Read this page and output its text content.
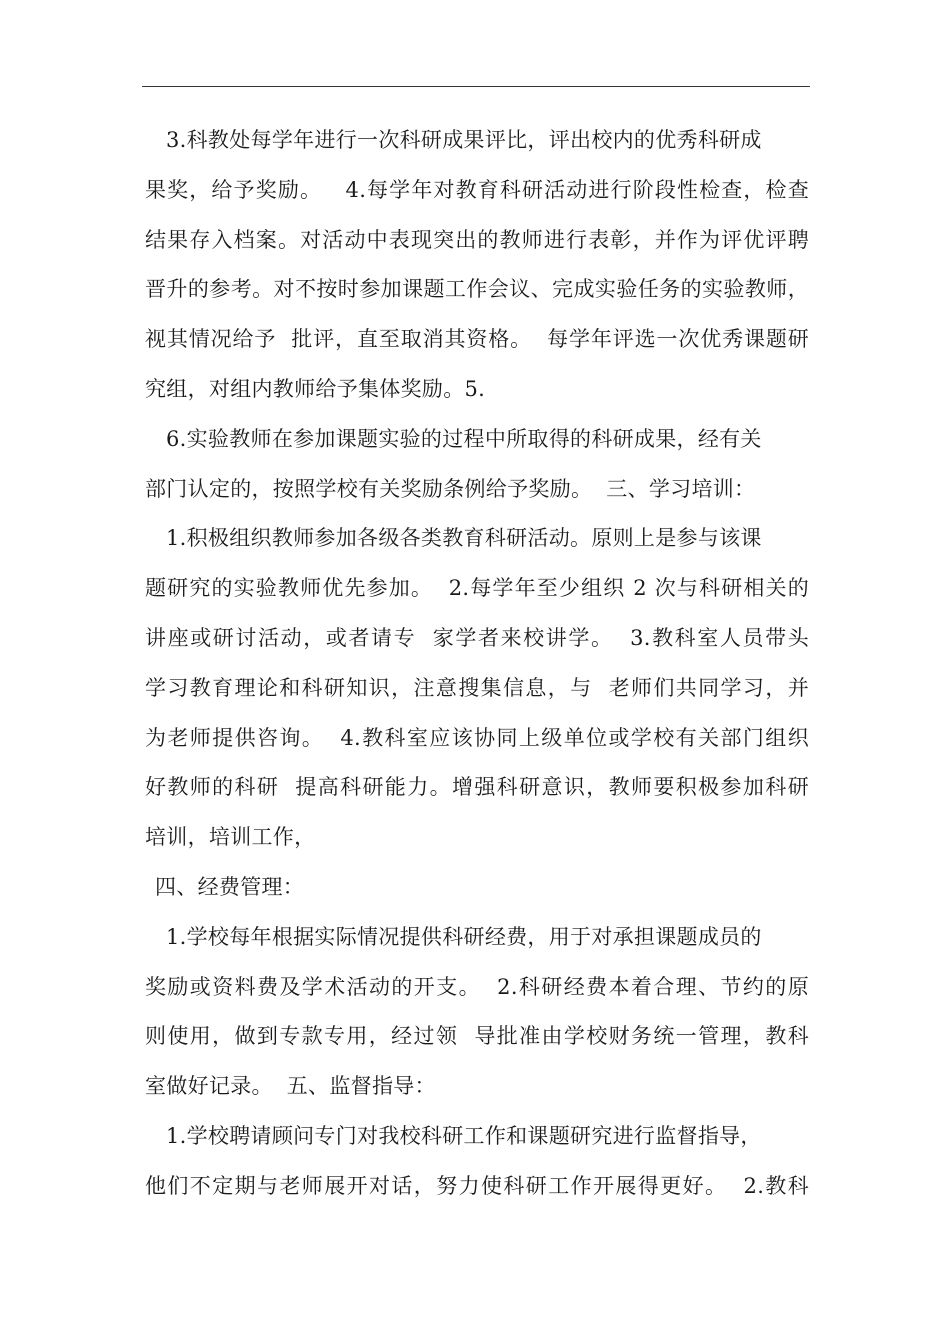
3.科教处每学年进行一次科研成果评比，评出校内的优秀科研成
果奖，给予奖励。   4.每学年对教育科研活动进行阶段性检查，检查
结果存入档案。对活动中表现突出的教师进行表彰，并作为评优评聘
晋升的参考。对不按时参加课题工作会议、完成实验任务的实验教师，
视其情况给予  批评，直至取消其资格。  每学年评选一次优秀课题研
究组，对组内教师给予集体奖励。5.
6.实验教师在参加课题实验的过程中所取得的科研成果，经有关
部门认定的，按照学校有关奖励条例给予奖励。  三、学习培训：
1.积极组织教师参加各级各类教育科研活动。原则上是参与该课
题研究的实验教师优先参加。  2.每学年至少组织 2 次与科研相关的
讲座或研讨活动，或者请专  家学者来校讲学。  3.教科室人员带头
学习教育理论和科研知识，注意搜集信息，与  老师们共同学习，并
为老师提供咨询。  4.教科室应该协同上级单位或学校有关部门组织
好教师的科研  提高科研能力。增强科研意识，教师要积极参加科研
培训，培训工作，
四、经费管理：
1.学校每年根据实际情况提供科研经费，用于对承担课题成员的
奖励或资料费及学术活动的开支。  2.科研经费本着合理、节约的原
则使用，做到专款专用，经过领  导批准由学校财务统一管理，教科
室做好记录。  五、监督指导：
1.学校聘请顾问专门对我校科研工作和课题研究进行监督指导，
他们不定期与老师展开对话，努力使科研工作开展得更好。  2.教科
